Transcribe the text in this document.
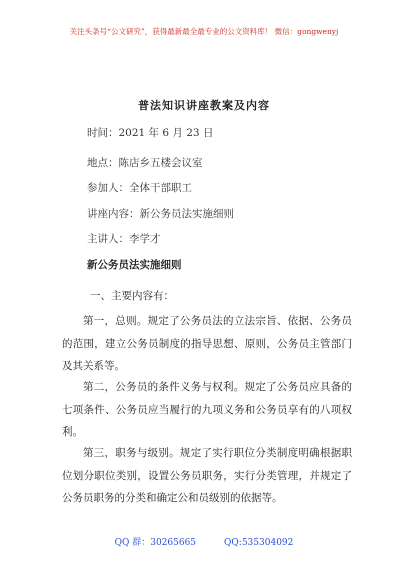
关注头条号“公文研究”，获得最新最全最专业的公文资料库！ 微信：gongwenyj
普法知识讲座教案及内容
时间：2021 年 6 月 23 日
地点：陈店乡五楼会议室
参加人：全体干部职工
讲座内容：新公务员法实施细则
主讲人：李学才
新公务员法实施细则
一、主要内容有：
第一，总则。规定了公务员法的立法宗旨、依据、公务员的范围，建立公务员制度的指导思想、原则，公务员主管部门及其关系等。
第二，公务员的条件义务与权利。规定了公务员应具备的七项条件、公务员应当履行的九项义务和公务员享有的八项权利。
第三，职务与级别。规定了实行职位分类制度明确根据职位划分职位类别，设置公务员职务，实行分类管理，并规定了公务员职务的分类和确定公和员级别的依据等。
QQ 群：30265665	QQ:535304092
